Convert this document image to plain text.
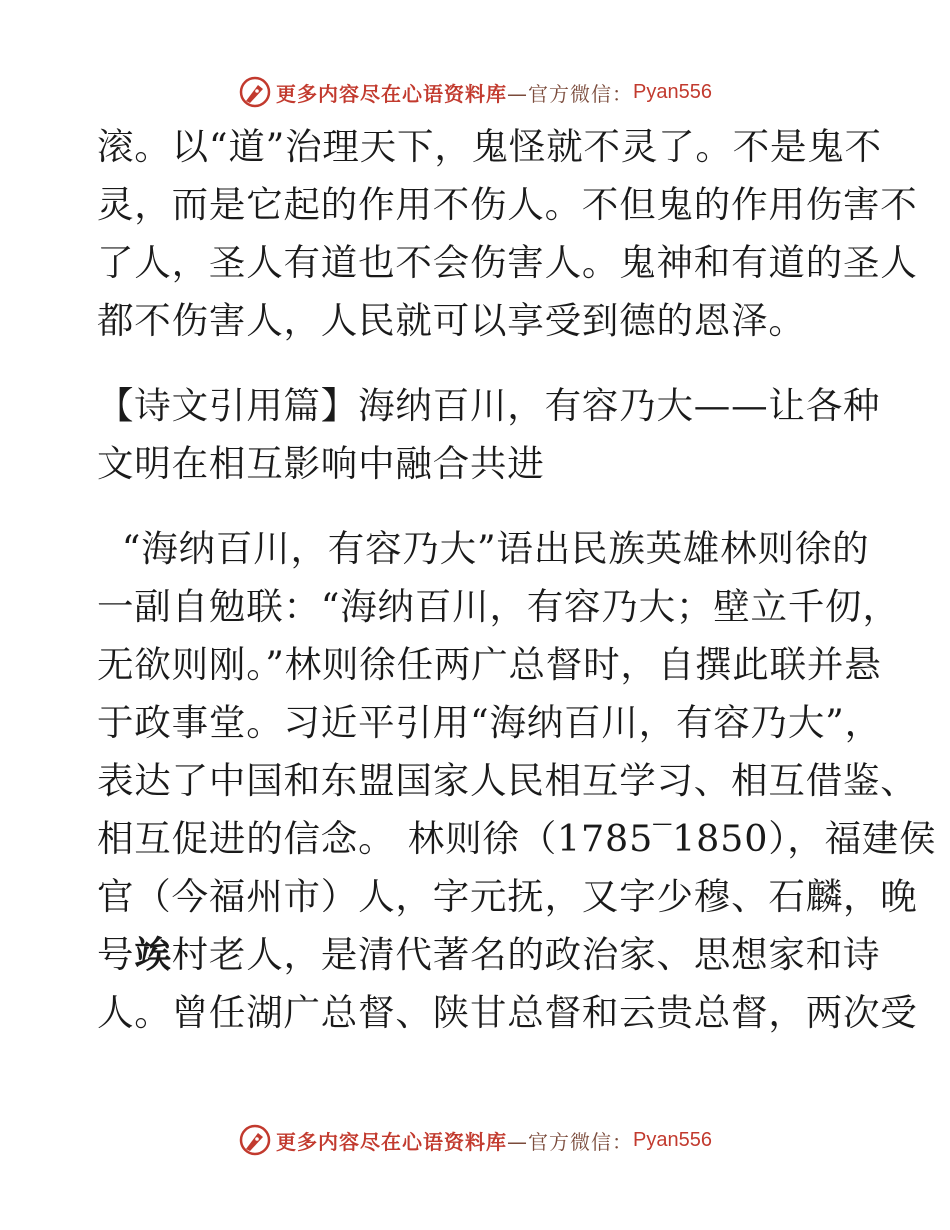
更多内容尽在心语资料库 —官方微信： Pyan556
滚。以“道”治理天下，鬼怪就不灵了。不是鬼不
灵，而是它起的作用不伤人。不但鬼的作用伤害不
了人，圣人有道也不会伤害人。鬼神和有道的圣人
都不伤害人，人民就可以享受到德的恩泽。
【诗文引用篇】海纳百川，有容乃大——让各种
文明在相互影响中融合共进
“海纳百川，有容乃大”语出民族英雄林则徐的
一副自勉联：“海纳百川，有容乃大；壁立千仞，
无欲则刚。”林则徐任两广总督时，自撰此联并悬
于政事堂。习近平引用“海纳百川，有容乃大”，
表达了中国和东盟国家人民相互学习、相互借鉴、
相互促进的信念。 林则徐（1785‾1850），福建侯
官（今福州市）人，字元抚，又字少穆、石麟，晚
号竢村老人，是清代著名的政治家、思想家和诗
人。曾任湖广总督、陕甘总督和云贵总督，两次受
更多内容尽在心语资料库 —官方微信： Pyan556
